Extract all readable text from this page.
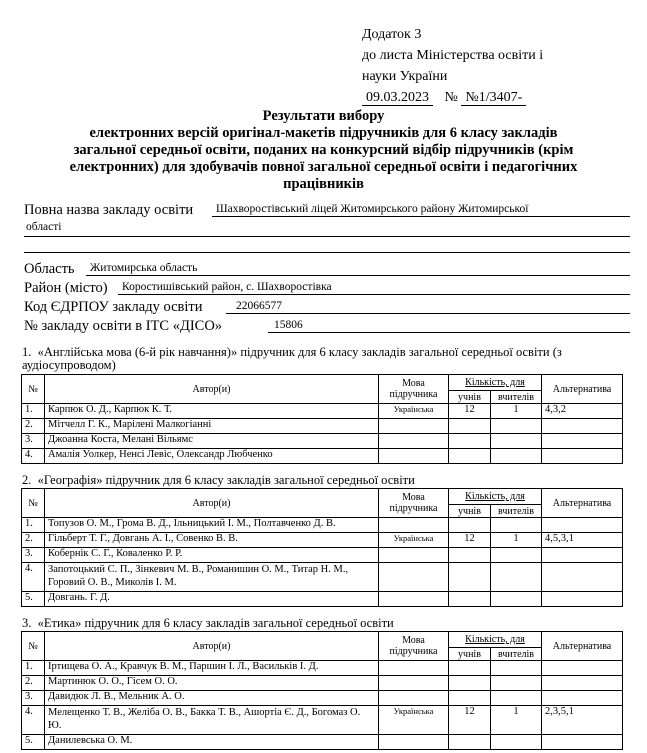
Додаток 3
до листа Міністерства освіти і
науки України
09.03.2023 № №1/3407-
Результати вибору
електронних версій оригінал-макетів підручників для 6 класу закладів
загальної середньої освіти, поданих на конкурсний відбір підручників (крім
електронних) для здобувачів повної загальної середньої освіти і педагогічних
працівників
Повна назва закладу освіти Шахворостівський ліцей Житомирського району Житомирської
області
Область Житомирська область
Район (місто) Коростишівський район, с. Шахворостівка
Код ЄДРПОУ закладу освіти	22066577
№ закладу освіти в ІТС «ДІСО»	15806
1. «Англійська мова (6-й рік навчання)» підручник для 6 класу закладів загальної середньої освіти (з аудіосупроводом)
№	Автор(и)	Мова підручника	Кількість, для		Альтернатива
			учнів	вчителів	
1.	Карпюк О. Д., Карпюк К. Т.	Українська	12	1	4,3,2
2.	Мітчелл Г. К., Марілені Малкогіанні				
3.	Джоанна Коста, Мелані Вільямс				
4.	Амалія Уолкер, Ненсі Левіс, Олександр Любченко				
2. «Географія» підручник для 6 класу закладів загальної середньої освіти
№	Автор(и)	Мова підручника	Кількість, для		Альтернатива
			учнів	вчителів	
1.	Топузов О. М., Грома В. Д., Ільницький І. М., Полтавченко Д. В.				
2.	Гільберт Т. Г., Довгань А. І., Совенко В. В.	Українська	12	1	4,5,3,1
3.	Кобернік С. Г., Коваленко Р. Р.				
4.	Запотоцький С. П., Зінкевич М. В., Романишин О. М., Титар Н. М., Горовий О. В., Миколів І. М.				
5.	Довгань. Г. Д.				
3. «Етика» підручник для 6 класу закладів загальної середньої освіти
№	Автор(и)	Мова підручника	Кількість, для		Альтернатива
			учнів	вчителів	
1.	Іртищева О. А., Кравчук В. М., Паршин І. Л., Васильків І. Д.				
2.	Мартинюк О. О., Гісем О. О.				
3.	Давидюк Л. В., Мельник А. О.				
4.	Мелещенко Т. В., Желіба О. В., Бакка Т. В., Ашортіа Є. Д., Богомаз О. Ю.	Українська	12	1	2,3,5,1
5.	Данилевська О. М.				
